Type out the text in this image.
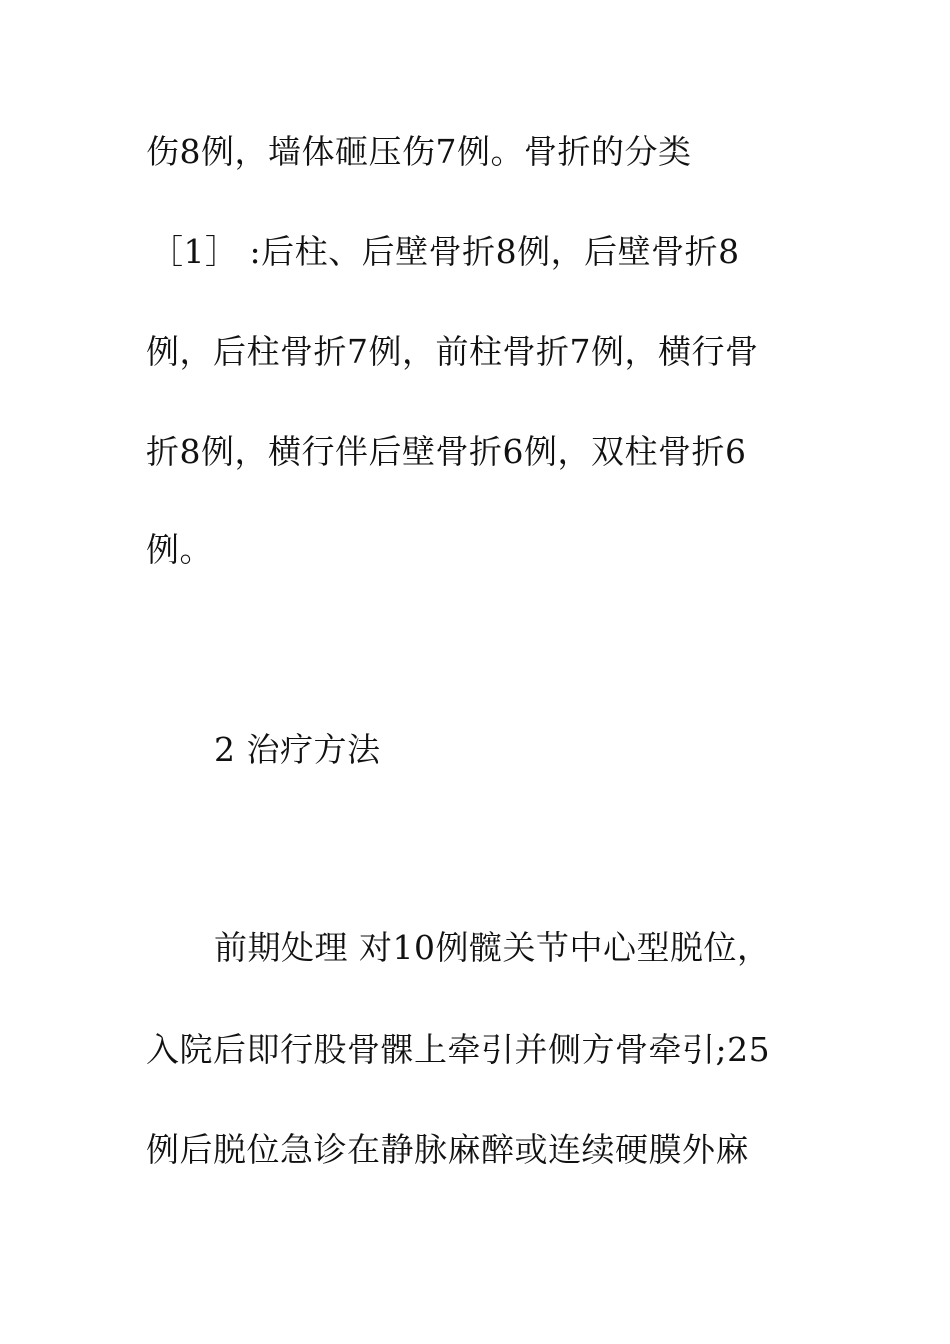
伤8例，墙体砸压伤7例。骨折的分类
［1］ :后柱、后壁骨折8例，后壁骨折8
例，后柱骨折7例，前柱骨折7例，横行骨
折8例，横行伴后壁骨折6例，双柱骨折6
例。
2 治疗方法
前期处理 对10例髋关节中心型脱位，
入院后即行股骨髁上牵引并侧方骨牵引;25
例后脱位急诊在静脉麻醉或连续硬膜外麻
